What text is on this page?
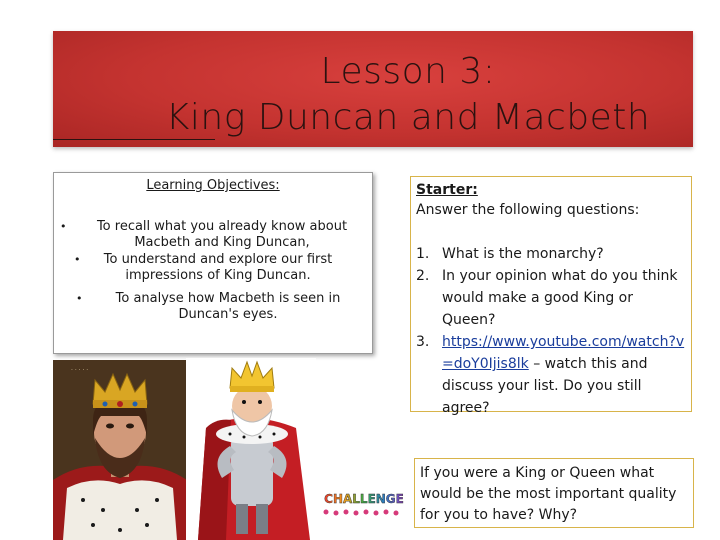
Lesson 3:
King Duncan and Macbeth
Learning Objectives:
•	To recall what you already know about Macbeth and King Duncan,
•	To understand and explore our first impressions of King Duncan.
•	To analyse how Macbeth is seen in Duncan's eyes.
Starter:
Answer the following questions:
1. What is the monarchy?
2. In your opinion what do you think would make a good King or Queen?
3. https://www.youtube.com/watch?v=doY0Ijis8lk – watch this and discuss your list. Do you still agree?
CHALLENGE
If you were a King or Queen what would be the most important quality for you to have? Why?
· · · · ·
